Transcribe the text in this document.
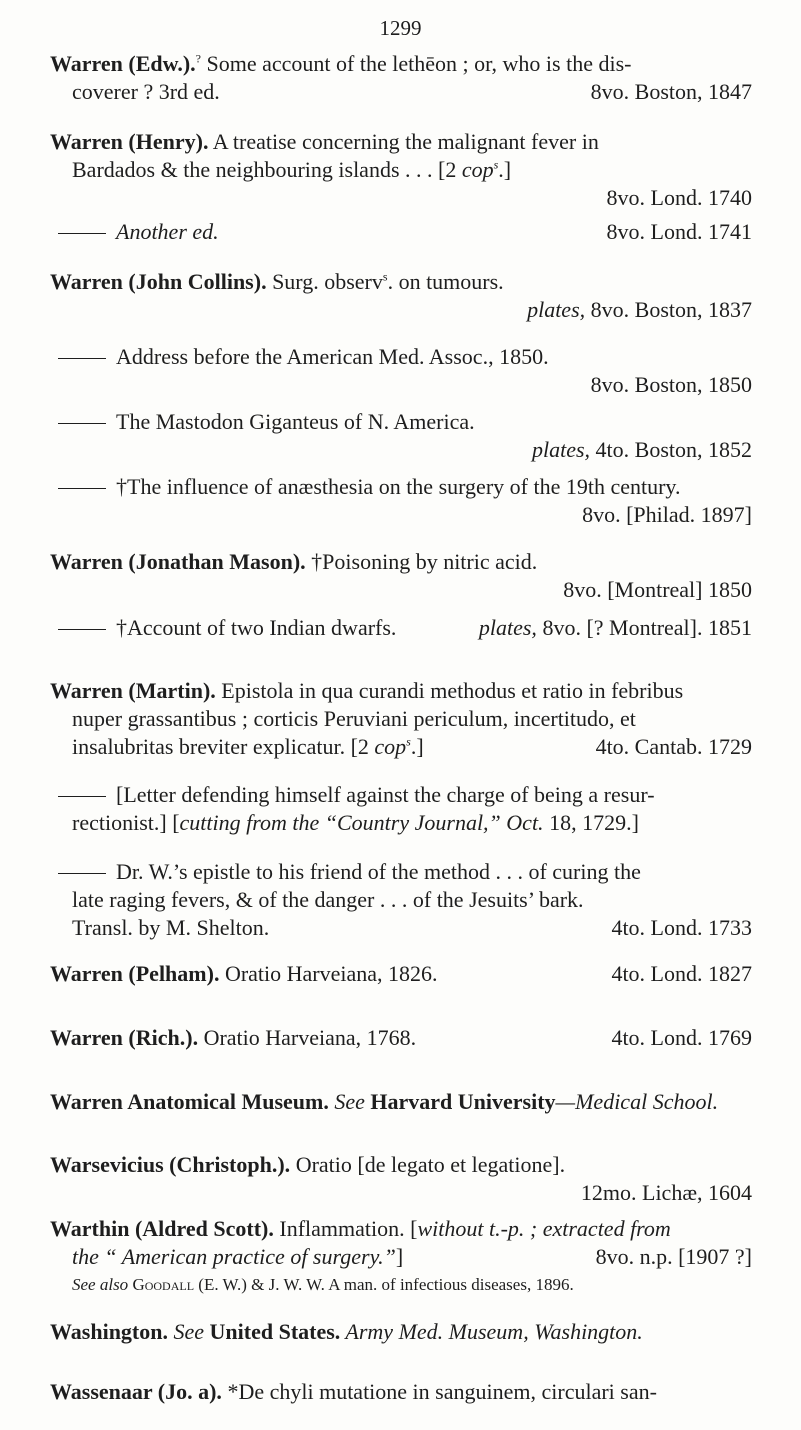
1299
Warren (Edw.).? Some account of the lethēon ; or, who is the dis-
coverer ? 3rd ed.	8vo. Boston, 1847
Warren (Henry). A treatise concerning the malignant fever in
Bardados & the neighbouring islands . . . [2 cop$^s$.]
8vo. Lond. 1740
Another ed.	8vo. Lond. 1741
Warren (John Collins). Surg. observ$^s$. on tumours.
plates, 8vo. Boston, 1837
Address before the American Med. Assoc., 1850.
8vo. Boston, 1850
The Mastodon Giganteus of N. America.
plates, 4to. Boston, 1852
†The influence of anæsthesia on the surgery of the 19th century.
8vo. [Philad. 1897]
Warren (Jonathan Mason). †Poisoning by nitric acid.
8vo. [Montreal] 1850
†Account of two Indian dwarfs.	plates, 8vo. [? Montreal]. 1851
Warren (Martin). Epistola in qua curandi methodus et ratio in febribus
nuper grassantibus ; corticis Peruviani periculum, incertitudo, et
insalubritas breviter explicatur. [2 cop$^s$.]	4to. Cantab. 1729
[Letter defending himself against the charge of being a resur-
rectionist.] [cutting from the “Country Journal,” Oct. 18, 1729.]
Dr. W.’s epistle to his friend of the method . . . of curing the
late raging fevers, & of the danger . . . of the Jesuits’ bark.
Transl. by M. Shelton.	4to. Lond. 1733
Warren (Pelham). Oratio Harveiana, 1826.	4to. Lond. 1827
Warren (Rich.). Oratio Harveiana, 1768.	4to. Lond. 1769
Warren Anatomical Museum. See Harvard University—Medical School.
Warsevicius (Christoph.). Oratio [de legato et legatione].
12mo. Lichæ, 1604
Warthin (Aldred Scott). Inflammation. [without t.-p. ; extracted from
the “ American practice of surgery.”]	8vo. n.p. [1907 ?]
See also Goodall (E. W.) & J. W. W. A man. of infectious diseases, 1896.
Washington. See United States. Army Med. Museum, Washington.
Wassenaar (Jo. a). *De chyli mutatione in sanguinem, circulari san-
